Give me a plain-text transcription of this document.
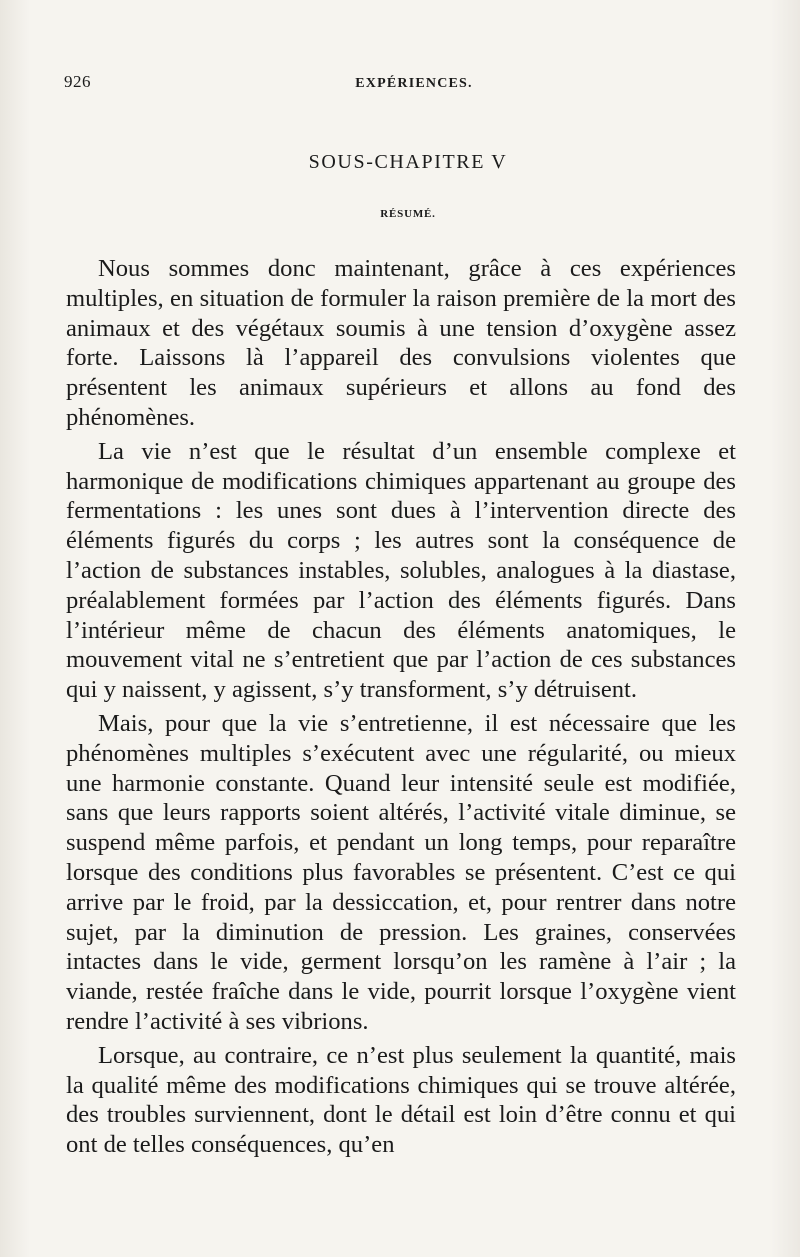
926	EXPÉRIENCES.
SOUS-CHAPITRE V
RÉSUMÉ.

Nous sommes donc maintenant, grâce à ces expériences multiples, en situation de formuler la raison première de la mort des animaux et des végétaux soumis à une tension d’oxygène assez forte. Laissons là l’appareil des convulsions violentes que présentent les animaux supérieurs et allons au fond des phénomènes.

La vie n’est que le résultat d’un ensemble complexe et harmonique de modifications chimiques appartenant au groupe des fermentations : les unes sont dues à l’intervention directe des éléments figurés du corps ; les autres sont la conséquence de l’action de substances instables, solubles, analogues à la diastase, préalablement formées par l’action des éléments figurés. Dans l’intérieur même de chacun des éléments anatomiques, le mouvement vital ne s’entretient que par l’action de ces substances qui y naissent, y agissent, s’y transforment, s’y détruisent.

Mais, pour que la vie s’entretienne, il est nécessaire que les phénomènes multiples s’exécutent avec une régularité, ou mieux une harmonie constante. Quand leur intensité seule est modifiée, sans que leurs rapports soient altérés, l’activité vitale diminue, se suspend même parfois, et pendant un long temps, pour reparaître lorsque des conditions plus favorables se présentent. C’est ce qui arrive par le froid, par la dessiccation, et, pour rentrer dans notre sujet, par la diminution de pression. Les graines, conservées intactes dans le vide, germent lorsqu’on les ramène à l’air ; la viande, restée fraîche dans le vide, pourrit lorsque l’oxygène vient rendre l’activité à ses vibrions.

Lorsque, au contraire, ce n’est plus seulement la quantité, mais la qualité même des modifications chimiques qui se trouve altérée, des troubles surviennent, dont le détail est loin d’être connu et qui ont de telles conséquences, qu’en
